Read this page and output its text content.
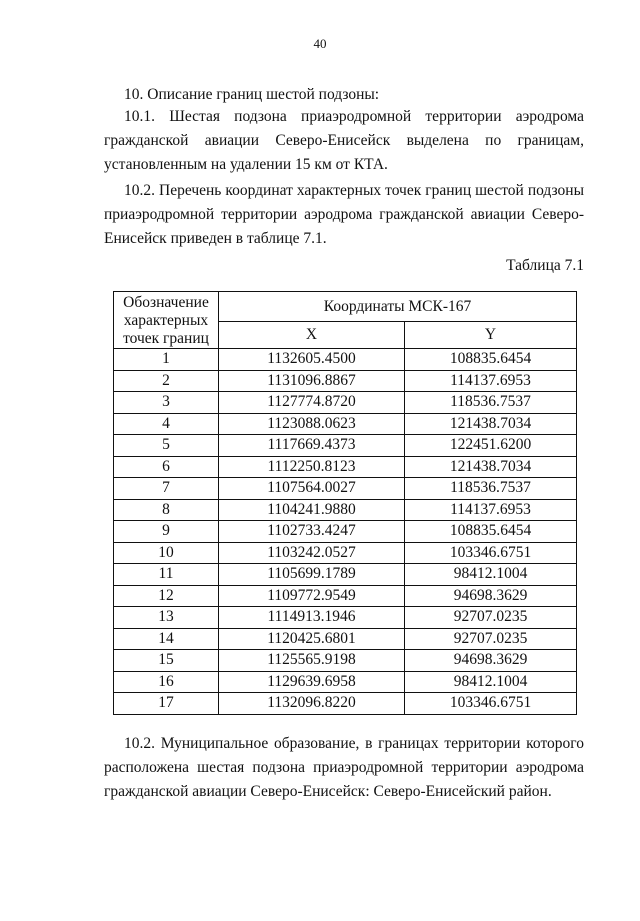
40
10. Описание границ шестой подзоны:

10.1. Шестая подзона приаэродромной территории аэродрома гражданской авиации Северо-Енисейск выделена по границам, установленным на удалении 15 км от КТА.

10.2. Перечень координат характерных точек границ шестой подзоны приаэродромной территории аэродрома гражданской авиации Северо-Енисейск приведен в таблице 7.1.

Таблица 7.1
Обозначение характерных точек границ	Координаты МСК-167	
	X	Y
1	1132605.4500	108835.6454
2	1131096.8867	114137.6953
3	1127774.8720	118536.7537
4	1123088.0623	121438.7034
5	1117669.4373	122451.6200
6	1112250.8123	121438.7034
7	1107564.0027	118536.7537
8	1104241.9880	114137.6953
9	1102733.4247	108835.6454
10	1103242.0527	103346.6751
11	1105699.1789	98412.1004
12	1109772.9549	94698.3629
13	1114913.1946	92707.0235
14	1120425.6801	92707.0235
15	1125565.9198	94698.3629
16	1129639.6958	98412.1004
17	1132096.8220	103346.6751

10.2. Муниципальное образование, в границах территории которого расположена шестая подзона приаэродромной территории аэродрома гражданской авиации Северо-Енисейск: Северо-Енисейский район.
